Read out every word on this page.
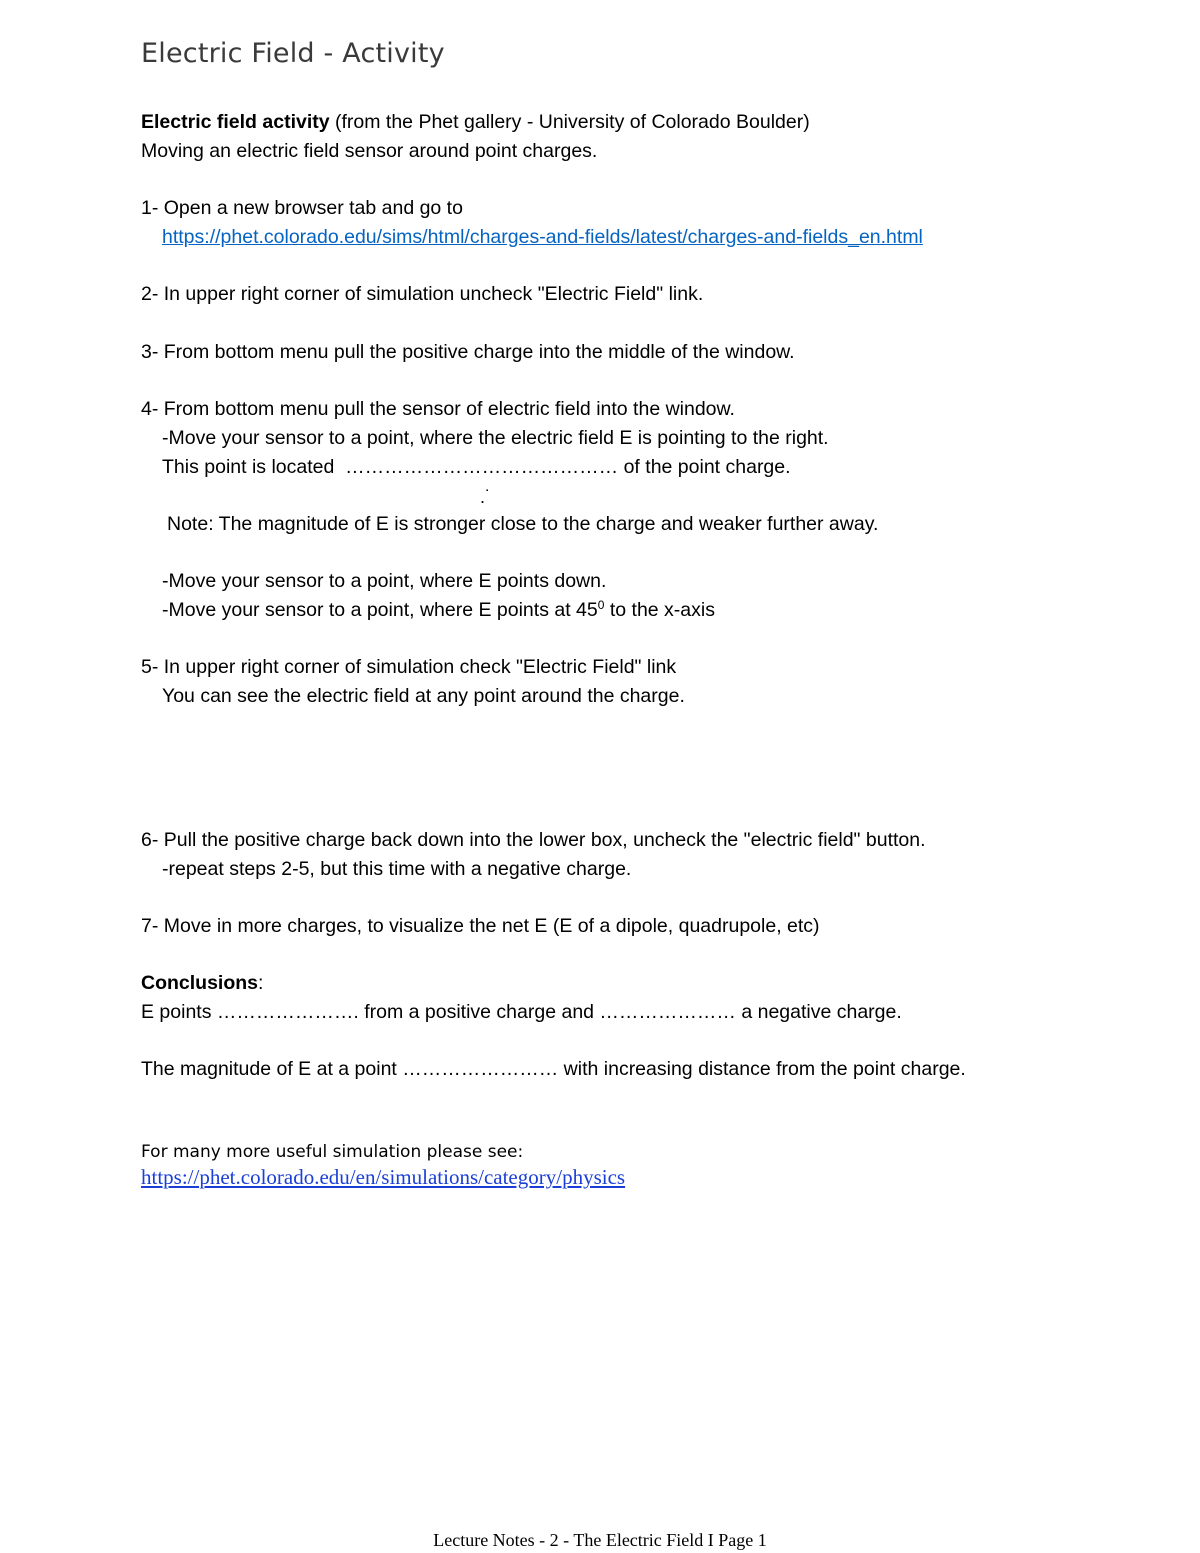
Electric Field - Activity
Electric field activity (from the Phet gallery - University of Colorado Boulder)
Moving an electric field sensor around point charges.
1- Open a new browser tab and go to
https://phet.colorado.edu/sims/html/charges-and-fields/latest/charges-and-fields_en.html
2- In upper right corner of simulation uncheck "Electric Field" link.
3- From bottom menu pull the positive charge into the middle of the window.
4- From bottom menu pull the sensor of electric field into the window.
-Move your sensor to a point, where the electric field E is pointing to the right.
This point is located  …………………………………… of the point charge.
.˙
Note: The magnitude of E is stronger close to the charge and weaker further away.
-Move your sensor to a point, where E points down.
-Move your sensor to a point, where E points at $45^0$ to the x-axis
5- In upper right corner of simulation check "Electric Field" link
You can see the electric field at any point around the charge.
6- Pull the positive charge back down into the lower box, uncheck the "electric field" button.
-repeat steps 2-5, but this time with a negative charge.
7- Move in more charges, to visualize the net E (E of a dipole, quadrupole, etc)
Conclusions:
E points …………………. from a positive charge and ………………… a negative charge.
The magnitude of E at a point …………………… with increasing distance from the point charge.
For many more useful simulation please see:
https://phet.colorado.edu/en/simulations/category/physics
Lecture Notes - 2 - The Electric Field I Page 1
